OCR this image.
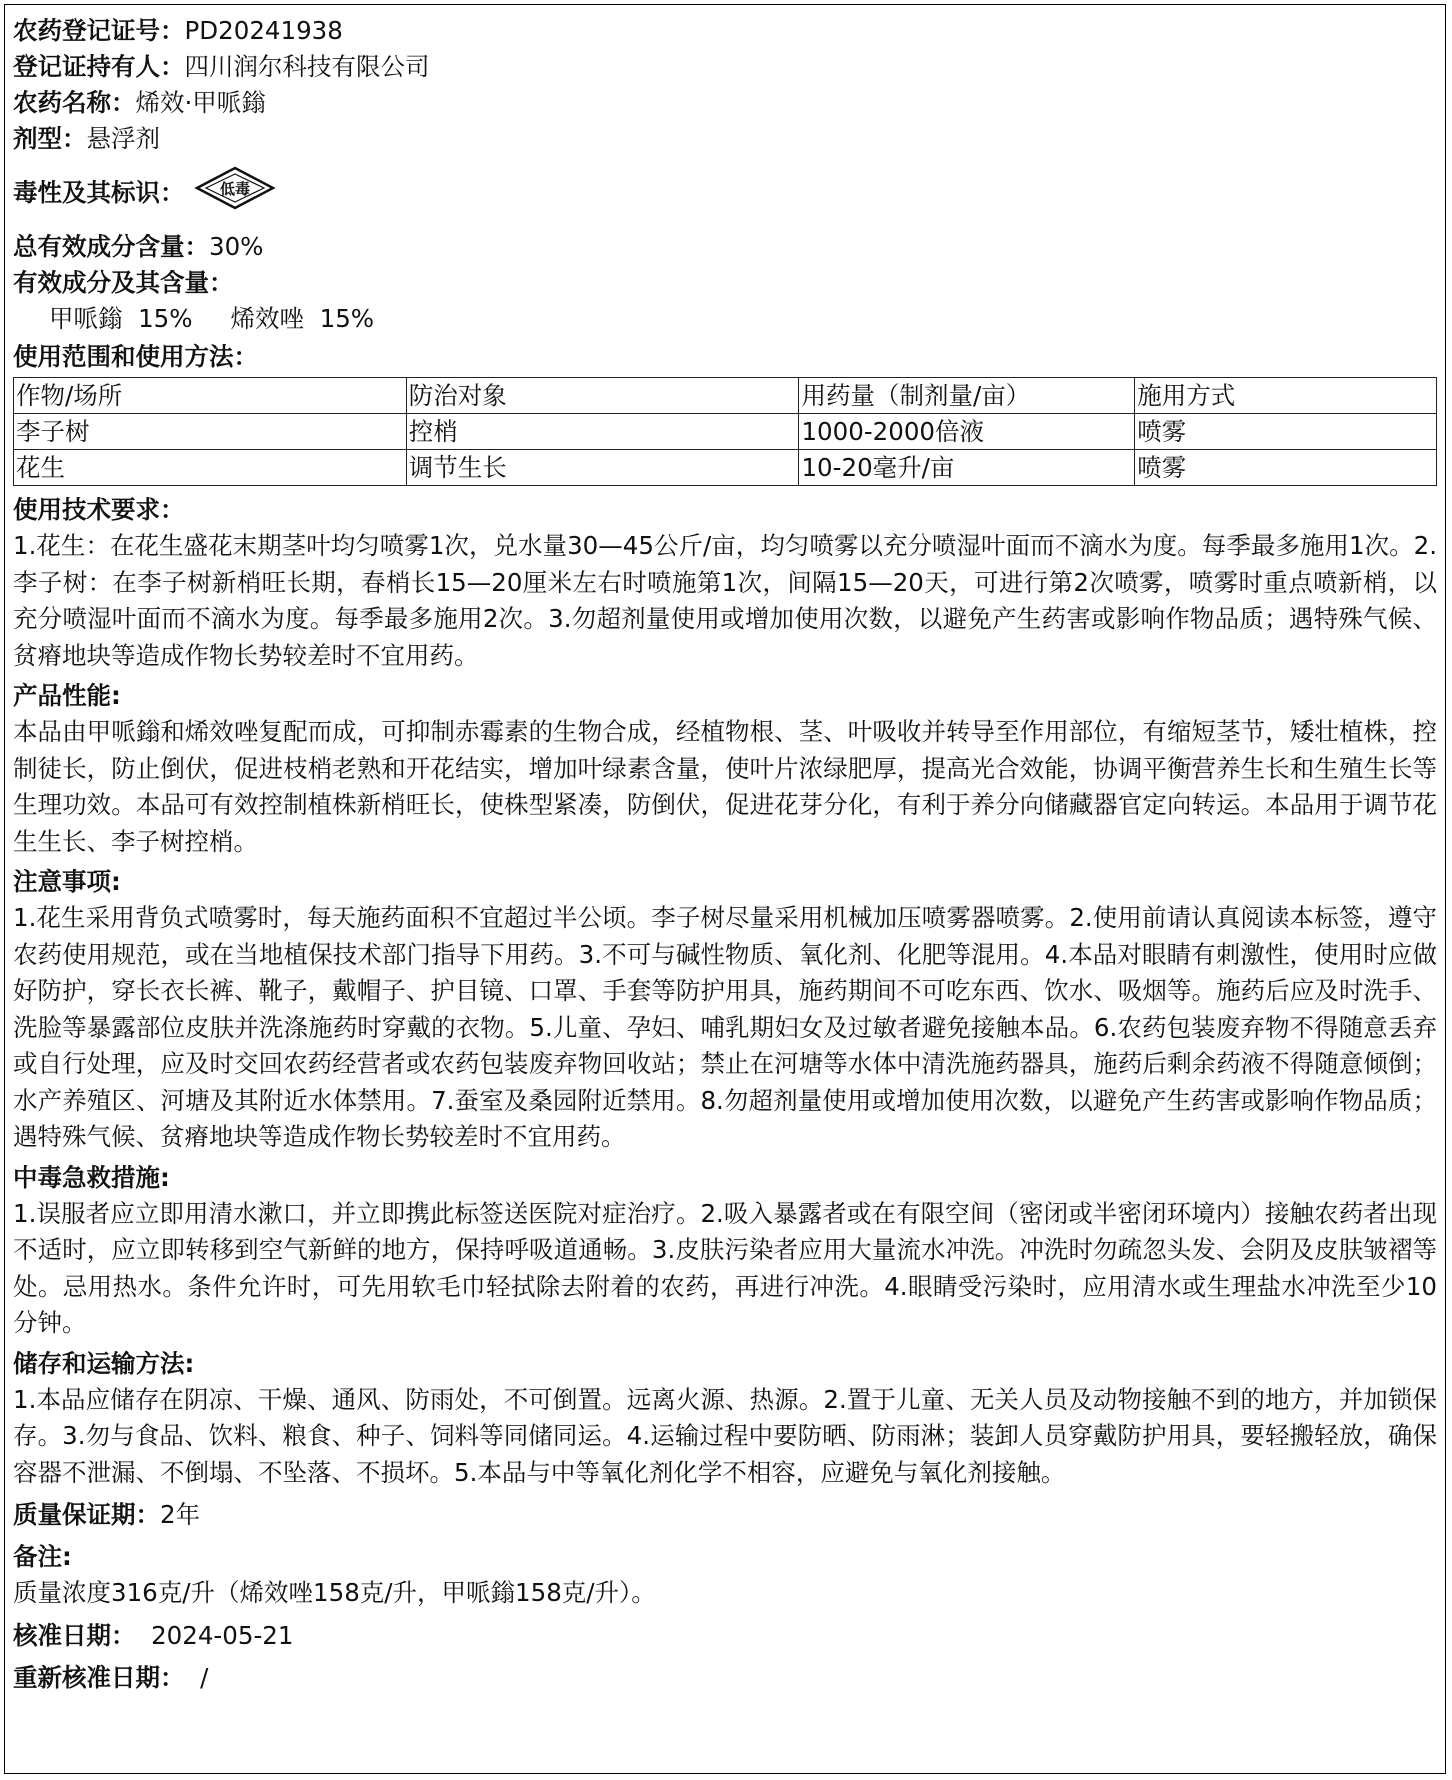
农药登记证号：PD20241938
登记证持有人：四川润尔科技有限公司
农药名称：烯效·甲哌鎓
剂型：悬浮剂
毒性及其标识： 低毒
总有效成分含量：30%
有效成分及其含量：
甲哌鎓 15% 烯效唑 15%
使用范围和使用方法：
作物/场所	防治对象	用药量（制剂量/亩）	施用方式
李子树	控梢	1000-2000倍液	喷雾
花生	调节生长	10-20毫升/亩	喷雾
使用技术要求：

1.花生：在花生盛花末期茎叶均匀喷雾1次，兑水量30—45公斤/亩，均匀喷雾以充分喷湿叶面而不滴水为度。每季最多施用1次。2.李子树：在李子树新梢旺长期，春梢长15—20厘米左右时喷施第1次，间隔15—20天，可进行第2次喷雾，喷雾时重点喷新梢，以充分喷湿叶面而不滴水为度。每季最多施用2次。3.勿超剂量使用或增加使用次数，以避免产生药害或影响作物品质；遇特殊气候、贫瘠地块等造成作物长势较差时不宜用药。

产品性能:

本品由甲哌鎓和烯效唑复配而成，可抑制赤霉素的生物合成，经植物根、茎、叶吸收并转导至作用部位，有缩短茎节，矮壮植株，控制徒长，防止倒伏，促进枝梢老熟和开花结实，增加叶绿素含量，使叶片浓绿肥厚，提高光合效能，协调平衡营养生长和生殖生长等生理功效。本品可有效控制植株新梢旺长，使株型紧凑，防倒伏，促进花芽分化，有利于养分向储藏器官定向转运。本品用于调节花生生长、李子树控梢。

注意事项:

1.花生采用背负式喷雾时，每天施药面积不宜超过半公顷。李子树尽量采用机械加压喷雾器喷雾。2.使用前请认真阅读本标签，遵守农药使用规范，或在当地植保技术部门指导下用药。3.不可与碱性物质、氧化剂、化肥等混用。4.本品对眼睛有刺激性，使用时应做好防护，穿长衣长裤、靴子，戴帽子、护目镜、口罩、手套等防护用具，施药期间不可吃东西、饮水、吸烟等。施药后应及时洗手、洗脸等暴露部位皮肤并洗涤施药时穿戴的衣物。5.儿童、孕妇、哺乳期妇女及过敏者避免接触本品。6.农药包装废弃物不得随意丢弃或自行处理，应及时交回农药经营者或农药包装废弃物回收站；禁止在河塘等水体中清洗施药器具，施药后剩余药液不得随意倾倒；水产养殖区、河塘及其附近水体禁用。7.蚕室及桑园附近禁用。8.勿超剂量使用或增加使用次数，以避免产生药害或影响作物品质；遇特殊气候、贫瘠地块等造成作物长势较差时不宜用药。

中毒急救措施:

1.误服者应立即用清水漱口，并立即携此标签送医院对症治疗。2.吸入暴露者或在有限空间（密闭或半密闭环境内）接触农药者出现不适时，应立即转移到空气新鲜的地方，保持呼吸道通畅。3.皮肤污染者应用大量流水冲洗。冲洗时勿疏忽头发、会阴及皮肤皱褶等处。忌用热水。条件允许时，可先用软毛巾轻拭除去附着的农药，再进行冲洗。4.眼睛受污染时，应用清水或生理盐水冲洗至少10分钟。

储存和运输方法:

1.本品应储存在阴凉、干燥、通风、防雨处，不可倒置。远离火源、热源。2.置于儿童、无关人员及动物接触不到的地方，并加锁保存。3.勿与食品、饮料、粮食、种子、饲料等同储同运。4.运输过程中要防晒、防雨淋；装卸人员穿戴防护用具，要轻搬轻放，确保容器不泄漏、不倒塌、不坠落、不损坏。5.本品与中等氧化剂化学不相容，应避免与氧化剂接触。

质量保证期：2年
备注:

质量浓度316克/升（烯效唑158克/升，甲哌鎓158克/升）。

核准日期： 2024-05-21
重新核准日期： /
